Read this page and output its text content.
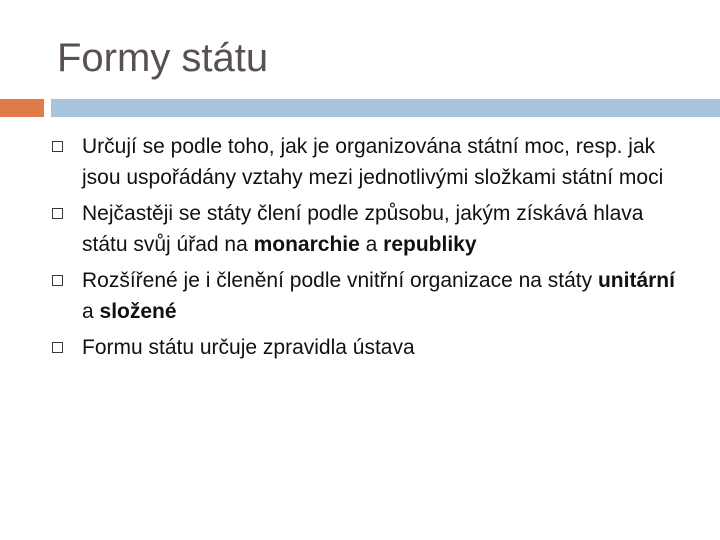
Formy státu
Určují se podle toho, jak je organizována státní moc, resp. jak jsou uspořádány vztahy mezi jednotlivými složkami státní moci
Nejčastěji se státy člení podle způsobu, jakým získává hlava státu svůj úřad na monarchie a republiky
Rozšířené je i členění podle vnitřní organizace na státy unitární a složené
Formu státu určuje zpravidla ústava
